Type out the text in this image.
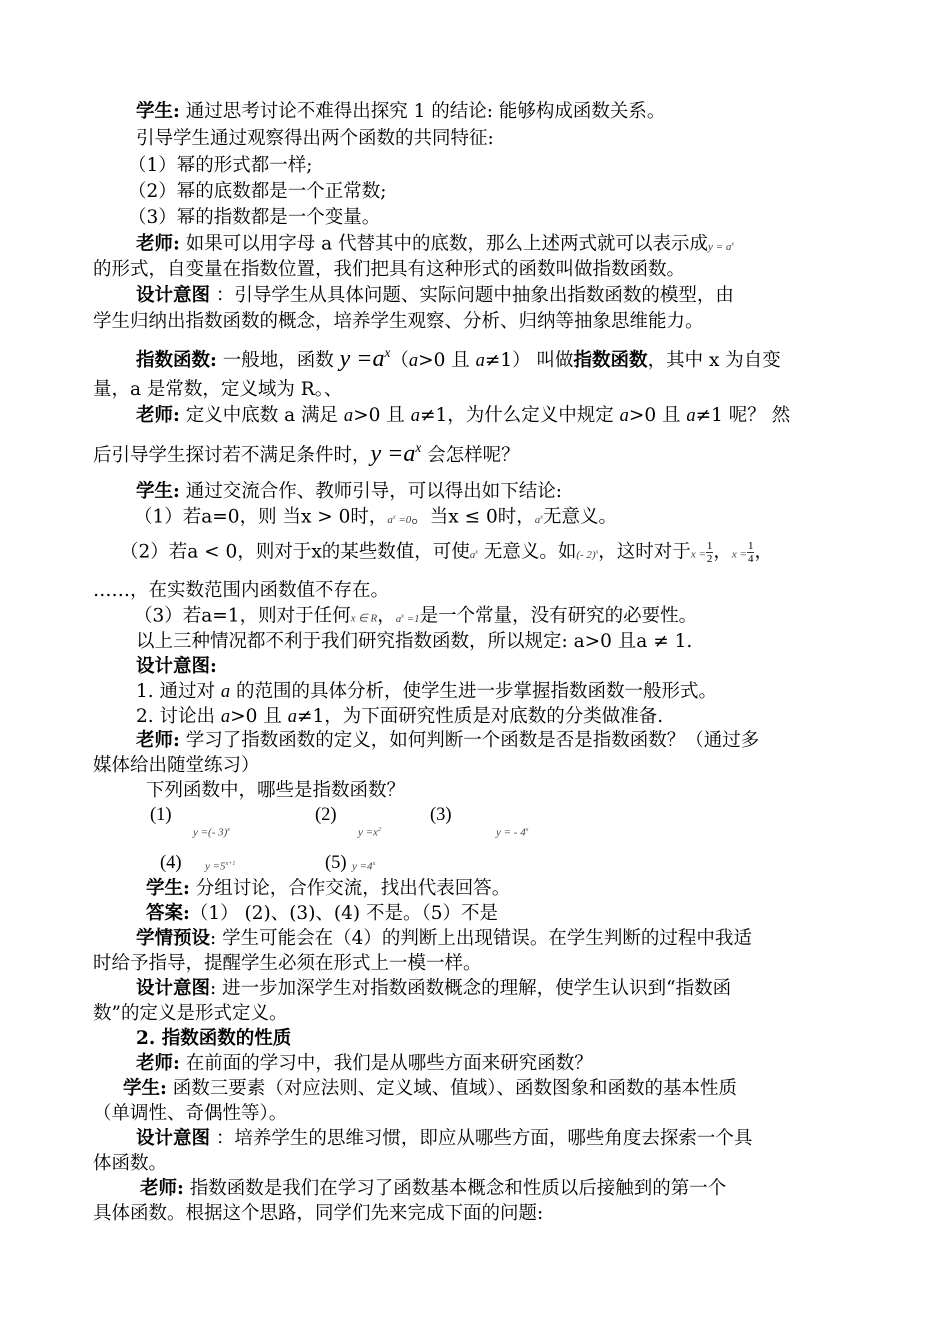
学生: 通过思考讨论不难得出探究 1 的结论: 能够构成函数关系。
引导学生通过观察得出两个函数的共同特征:
（1）幂的形式都一样;
（2）幂的底数都是一个正常数;
（3）幂的指数都是一个变量。
老师: 如果可以用字母 a 代替其中的底数，那么上述两式就可以表示成$y = a^x$
的形式，自变量在指数位置，我们把具有这种形式的函数叫做指数函数。
设计意图 ：引导学生从具体问题、实际问题中抽象出指数函数的模型，由
学生归纳出指数函数的概念，培养学生观察、分析、归纳等抽象思维能力。
指数函数: 一般地，函数 $y =a^x(a>0$ 且 a≠1） 叫做指数函数，其中 x 为自变
量，a 是常数，定义域为 R。、
老师: 定义中底数 a 满足 a>0 且 a≠1，为什么定义中规定 a>0 且 a≠1 呢？ 然
后引导学生探讨若不满足条件时，$y =a^x$ 会怎样呢？
学生: 通过交流合作、教师引导，可以得出如下结论:
（1）若a=0，则 当x > 0时，$a^x =0$。当x ≤ 0时，$a^x$无意义。
（2）若a < 0，则对于x的某些数值，可使$a^x$ 无意义。如(- 2)$^x$，这时对于$x = \frac{1}{2}$ ，$x = \frac{1}{4}$ ，
……，在实数范围内函数值不存在。
（3）若a=1，则对于任何x ∈ R，$a^x =1$是一个常量，没有研究的必要性。
以上三种情况都不利于我们研究指数函数，所以规定: a>0 且a ≠ 1.
设计意图:
1. 通过对 a 的范围的具体分析，使学生进一步掌握指数函数一般形式。
2. 讨论出 a>0 且 a≠1，为下面研究性质是对底数的分类做准备.
老师: 学习了指数函数的定义，如何判断一个函数是否是指数函数？（通过多
媒体给出随堂练习）
下列函数中，哪些是指数函数？
(1)
y =(- 3)$^x$
(2)
$y =x^2$
(3)
y = - 4$^x$
(4) $y =5^{x+1}$	(5) $y =4^x$
学生: 分组讨论，合作交流，找出代表回答。
答案:（1） (2)、(3)、(4) 不是。（5）不是
学情预设: 学生可能会在（4）的判断上出现错误。在学生判断的过程中我适
时给予指导，提醒学生必须在形式上一模一样。
设计意图: 进一步加深学生对指数函数概念的理解，使学生认识到“指数函
数”的定义是形式定义。
2. 指数函数的性质
老师: 在前面的学习中，我们是从哪些方面来研究函数？
学生: 函数三要素（对应法则、定义域、值域）、函数图象和函数的基本性质
（单调性、奇偶性等）。
设计意图 ：培养学生的思维习惯，即应从哪些方面，哪些角度去探索一个具
体函数。
老师: 指数函数是我们在学习了函数基本概念和性质以后接触到的第一个
具体函数。根据这个思路，同学们先来完成下面的问题:
